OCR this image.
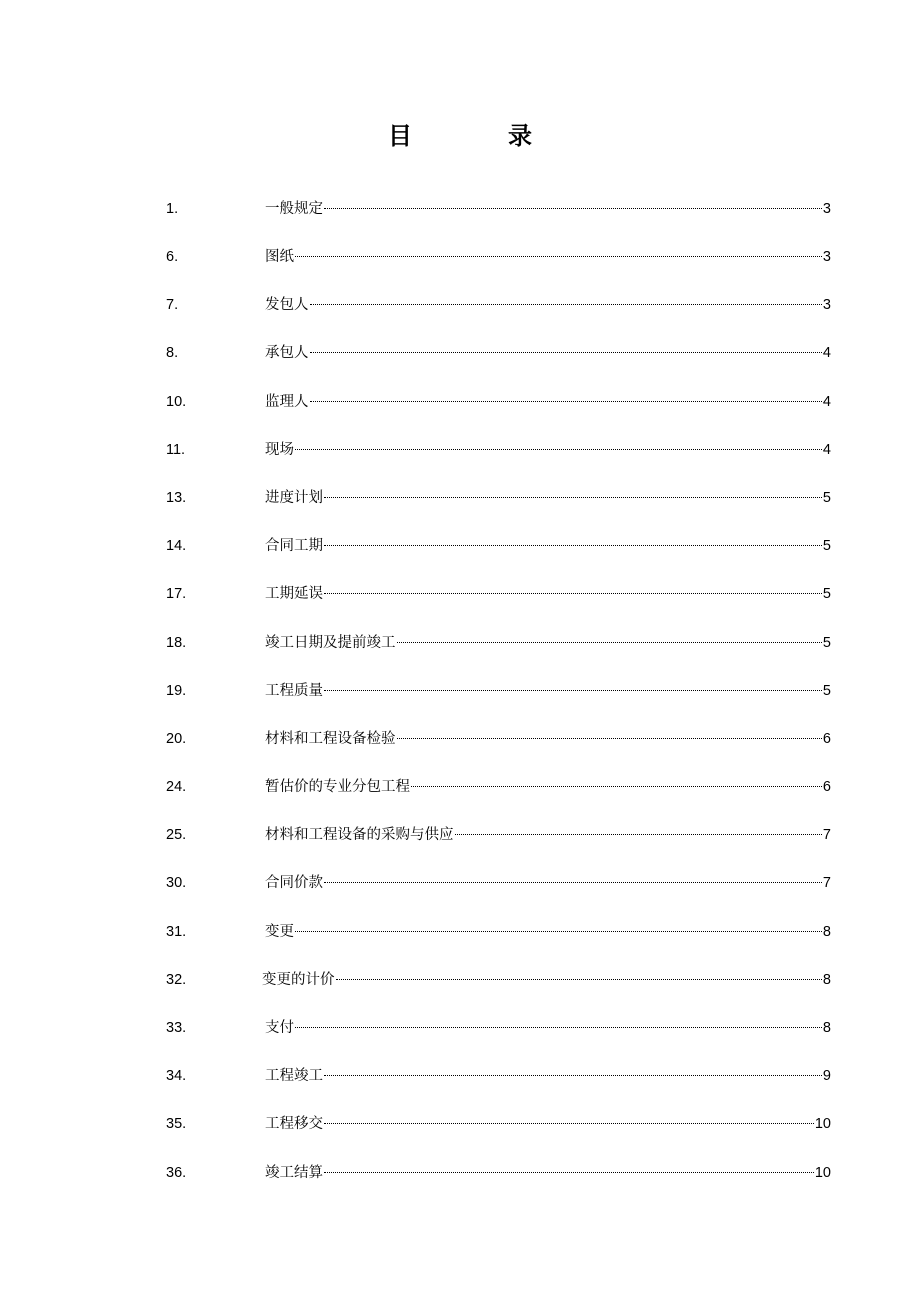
目　录
1.	一般规定	3
6.	图纸	3
7.	发包人	3
8.	承包人	4
10.	监理人	4
11.	现场	4
13.	进度计划	5
14.	合同工期	5
17.	工期延误	5
18.	竣工日期及提前竣工	5
19.	工程质量	5
20.	材料和工程设备检验	6
24.	暂估价的专业分包工程	6
25.	材料和工程设备的采购与供应	7
30.	合同价款	7
31.	变更	8
32.	变更的计价	8
33.	支付	8
34.	工程竣工	9
35.	工程移交	10
36.	竣工结算	10
